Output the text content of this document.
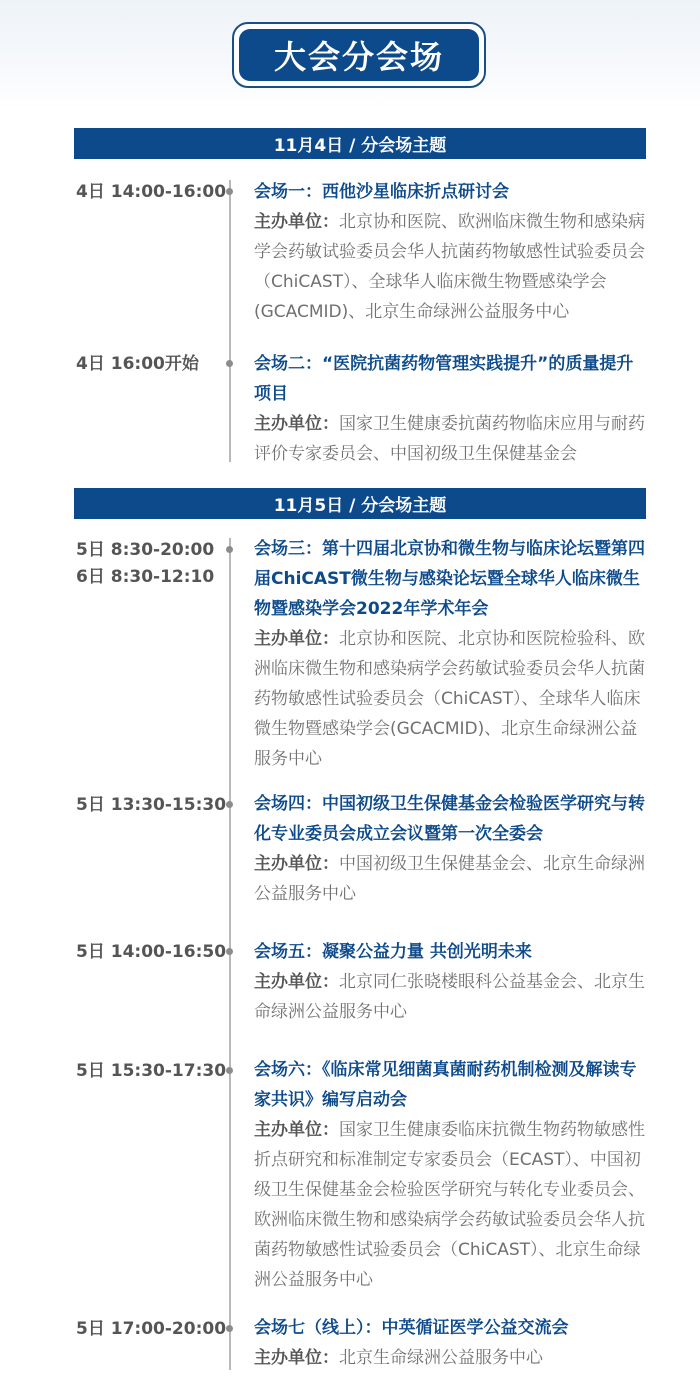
大会分会场
11月4日 / 分会场主题
4日 14:00-16:00 会场一：西他沙星临床折点研讨会

主办单位：北京协和医院、欧洲临床微生物和感染病学会药敏试验委员会华人抗菌药物敏感性试验委员会（ChiCAST）、全球华人临床微生物暨感染学会(GCACMID)、北京生命绿洲公益服务中心

4日 16:00开始	会场二：“医院抗菌药物管理实践提升”的质量提升项目

主办单位：国家卫生健康委抗菌药物临床应用与耐药评价专家委员会、中国初级卫生保健基金会

11月5日 / 分会场主题
5日 8:30-20:00
6日 8:30-12:10

会场三：第十四届北京协和微生物与临床论坛暨第四届ChiCAST微生物与感染论坛暨全球华人临床微生物暨感染学会2022年学术年会

主办单位：北京协和医院、北京协和医院检验科、欧洲临床微生物和感染病学会药敏试验委员会华人抗菌药物敏感性试验委员会（ChiCAST）、全球华人临床微生物暨感染学会(GCACMID)、北京生命绿洲公益服务中心

5日 13:30-15:30 会场四：中国初级卫生保健基金会检验医学研究与转化专业委员会成立会议暨第一次全委会

主办单位：中国初级卫生保健基金会、北京生命绿洲公益服务中心

5日 14:00-16:50 会场五：凝聚公益力量 共创光明未来

主办单位：北京同仁张晓楼眼科公益基金会、北京生命绿洲公益服务中心

5日 15:30-17:30 会场六：《临床常见细菌真菌耐药机制检测及解读专家共识》编写启动会

主办单位：国家卫生健康委临床抗微生物药物敏感性折点研究和标准制定专家委员会（ECAST）、中国初级卫生保健基金会检验医学研究与转化专业委员会、欧洲临床微生物和感染病学会药敏试验委员会华人抗菌药物敏感性试验委员会（ChiCAST）、北京生命绿洲公益服务中心

5日 17:00-20:00 会场七（线上）：中英循证医学公益交流会

主办单位：北京生命绿洲公益服务中心
